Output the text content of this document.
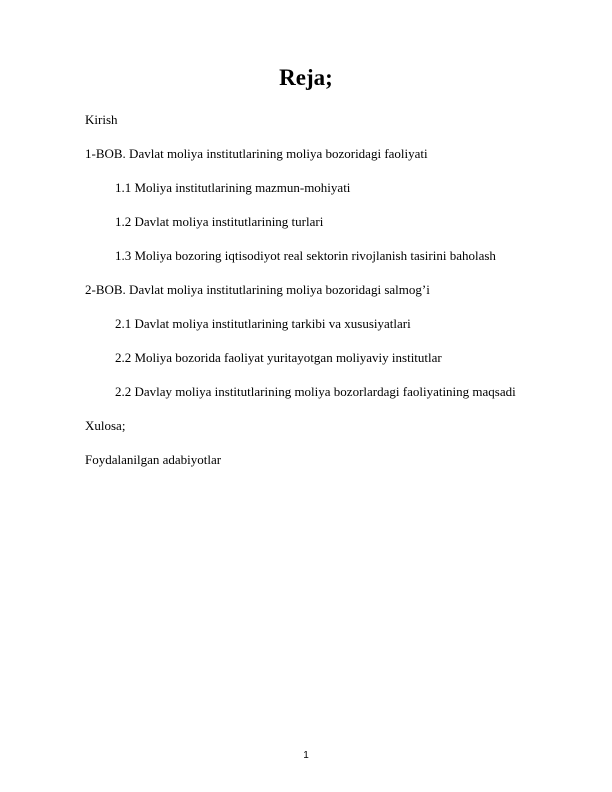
Reja;
Kirish
1-BOB. Davlat moliya institutlarining moliya bozoridagi faoliyati
1.1 Moliya institutlarining mazmun-mohiyati
1.2 Davlat moliya institutlarining turlari
1.3 Moliya bozoring iqtisodiyot real sektorin rivojlanish tasirini baholash
2-BOB. Davlat moliya institutlarining moliya bozoridagi salmog’i
2.1 Davlat moliya institutlarining tarkibi va xususiyatlari
2.2 Moliya bozorida faoliyat yuritayotgan moliyaviy institutlar
2.2 Davlay moliya institutlarining moliya bozorlardagi faoliyatining maqsadi
Xulosa;
Foydalanilgan adabiyotlar
1
